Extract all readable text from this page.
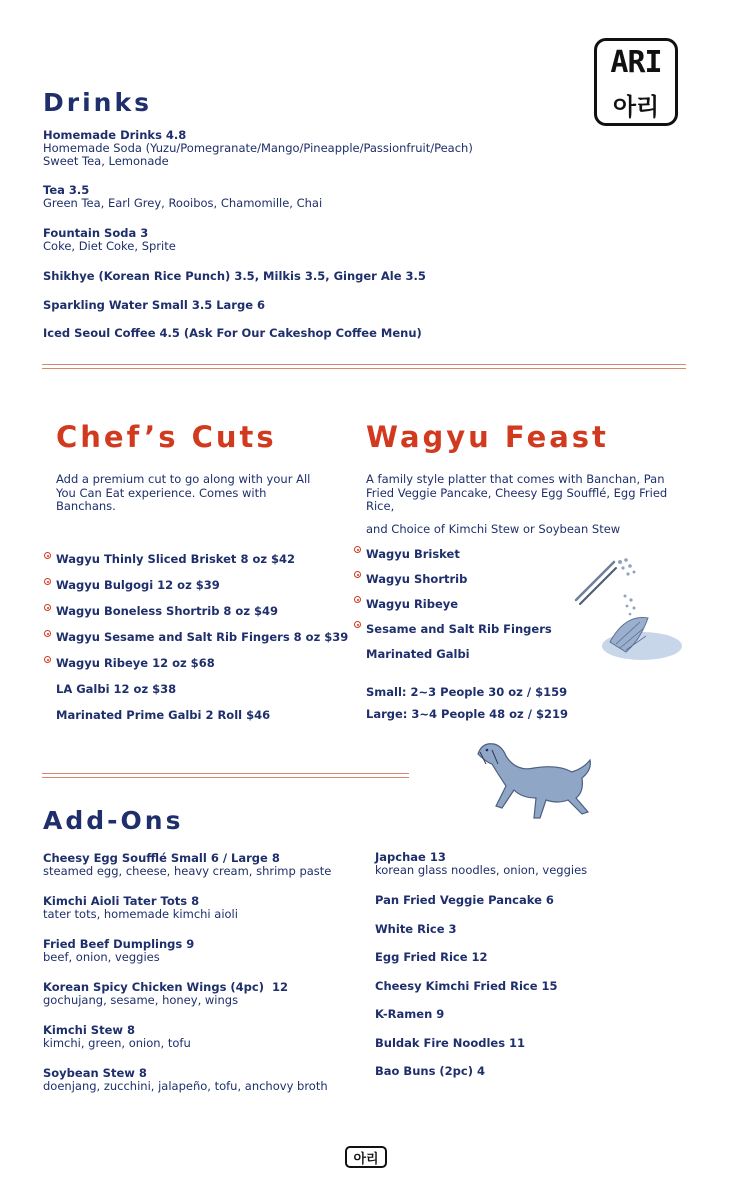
ARI
아리
Drinks
Homemade Drinks 4.8
Homemade Soda (Yuzu/Pomegranate/Mango/Pineapple/Passionfruit/Peach)
Sweet Tea, Lemonade
Tea 3.5
Green Tea, Earl Grey, Rooibos, Chamomille, Chai
Fountain Soda 3
Coke, Diet Coke, Sprite
Shikhye (Korean Rice Punch) 3.5, Milkis 3.5, Ginger Ale 3.5
Sparkling Water Small 3.5 Large 6
Iced Seoul Coffee 4.5 (Ask For Our Cakeshop Coffee Menu)
Chef’s Cuts
Add a premium cut to go along with your All You Can Eat experience. Comes with Banchans.
Wagyu Thinly Sliced Brisket 8 oz $42
Wagyu Bulgogi 12 oz $39
Wagyu Boneless Shortrib 8 oz $49
Wagyu Sesame and Salt Rib Fingers 8 oz $39
Wagyu Ribeye 12 oz $68
LA Galbi 12 oz $38
Marinated Prime Galbi 2 Roll $46
Wagyu Feast
A family style platter that comes with Banchan, Pan Fried Veggie Pancake, Cheesy Egg Soufflé, Egg Fried Rice,
and Choice of Kimchi Stew or Soybean Stew
Wagyu Brisket
Wagyu Shortrib
Wagyu Ribeye
Sesame and Salt Rib Fingers
Marinated Galbi
Small: 2~3 People 30 oz / $159
Large: 3~4 People 48 oz / $219
Add-Ons
Cheesy Egg Soufflé Small 6 / Large 8
steamed egg, cheese, heavy cream, shrimp paste
Kimchi Aioli Tater Tots 8
tater tots, homemade kimchi aioli
Fried Beef Dumplings 9
beef, onion, veggies
Korean Spicy Chicken Wings (4pc)  12
gochujang, sesame, honey, wings
Kimchi Stew 8
kimchi, green, onion, tofu
Soybean Stew 8
doenjang, zucchini, jalapeño, tofu, anchovy broth
Japchae 13
korean glass noodles, onion, veggies
Pan Fried Veggie Pancake 6
White Rice 3
Egg Fried Rice 12
Cheesy Kimchi Fried Rice 15
K-Ramen 9
Buldak Fire Noodles 11
Bao Buns (2pc) 4
아리
